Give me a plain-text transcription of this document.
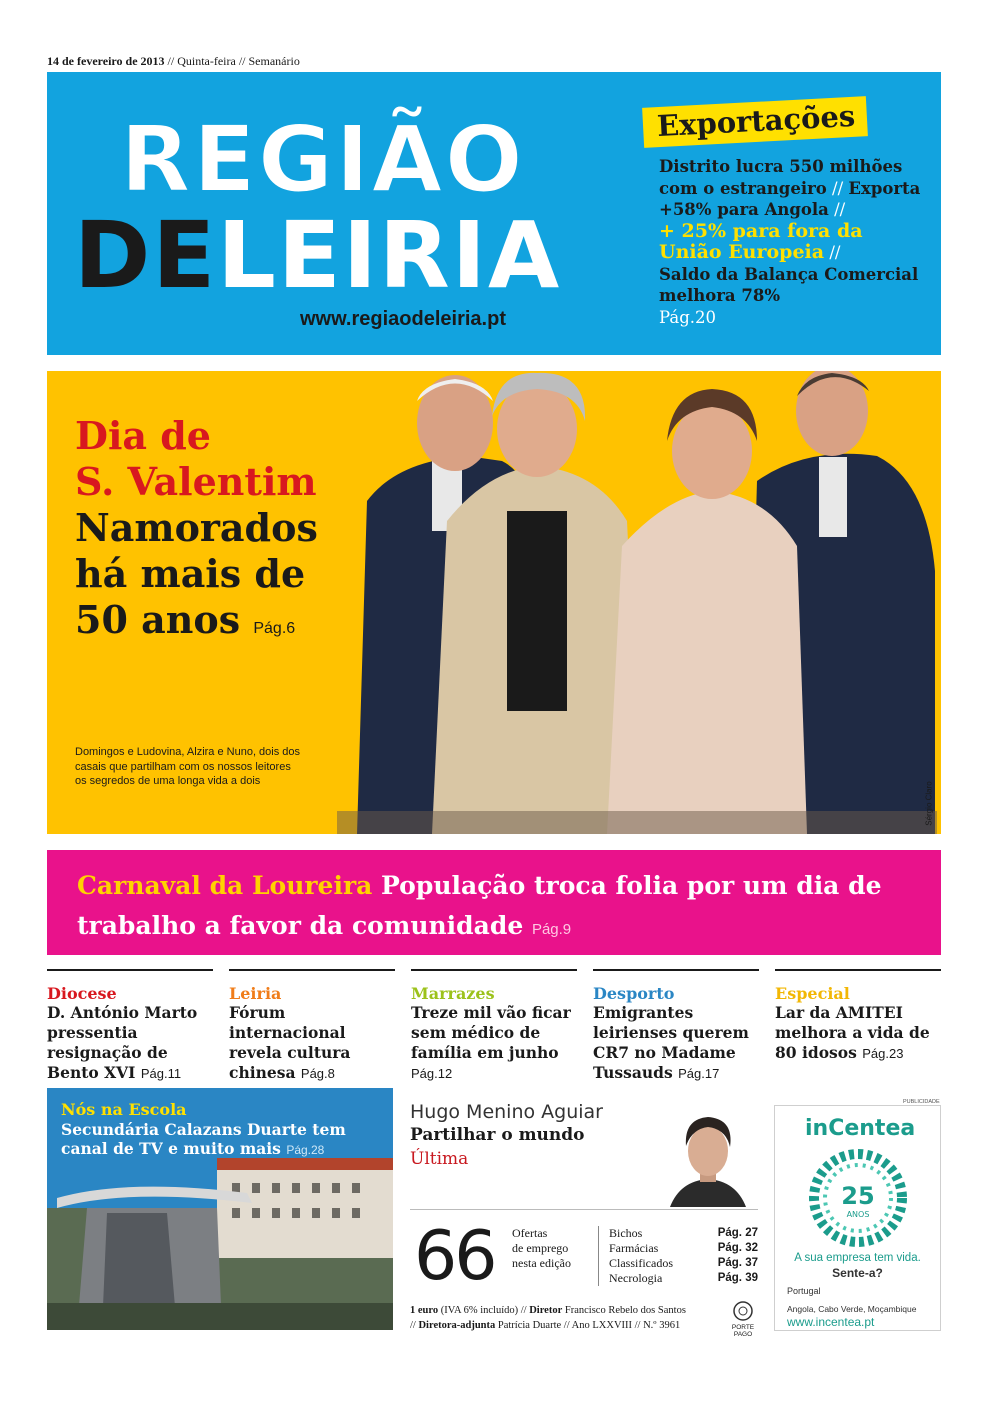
14 de fevereiro de 2013 // Quinta-feira // Semanário
REGIÃO
DELEIRIA
www.regiaodeleiria.pt
Exportações
Distrito lucra 550 milhões com o estrangeiro // Exporta +58% para Angola //
+ 25% para fora da União Europeia //
Saldo da Balança Comercial melhora 78%
Pág.20
Dia de
S. Valentim
Namorados
há mais de
50 anos Pág.6
Domingos e Ludovina, Alzira e Nuno, dois dos casais que partilham com os nossos leitores os segredos de uma longa vida a dois
Sérgio Claro
Carnaval da Loureira População troca folia por um dia de trabalho a favor da comunidade Pág.9
Diocese
D. António Marto pressentia resignação de Bento XVI Pág.11
Leiria
Fórum internacional revela cultura chinesa Pág.8
Marrazes
Treze mil vão ficar sem médico de família em junho Pág.12
Desporto
Emigrantes leirienses querem CR7 no Madame Tussauds Pág.17
Especial
Lar da AMITEI melhora a vida de 80 idosos Pág.23
Nós na Escola
Secundária Calazans Duarte tem canal de TV e muito mais Pág.28
Hugo Menino Aguiar
Partilhar o mundo
Última
66 Ofertas
de emprego
nesta edição
Bichos	Pág. 27
Farmácias	Pág. 32
Classificados	Pág. 37
Necrologia	Pág. 39
1 euro (IVA 6% incluído) // Diretor Francisco Rebelo dos Santos
// Diretora-adjunta Patrícia Duarte // Ano LXXVIII // N.º 3961	PORTE
PAGO
PUBLICIDADE
inCentea
25
ANOS
A sua empresa tem vida.
Sente-a?
Portugal
Angola, Cabo Verde, Moçambique
www.incentea.pt
